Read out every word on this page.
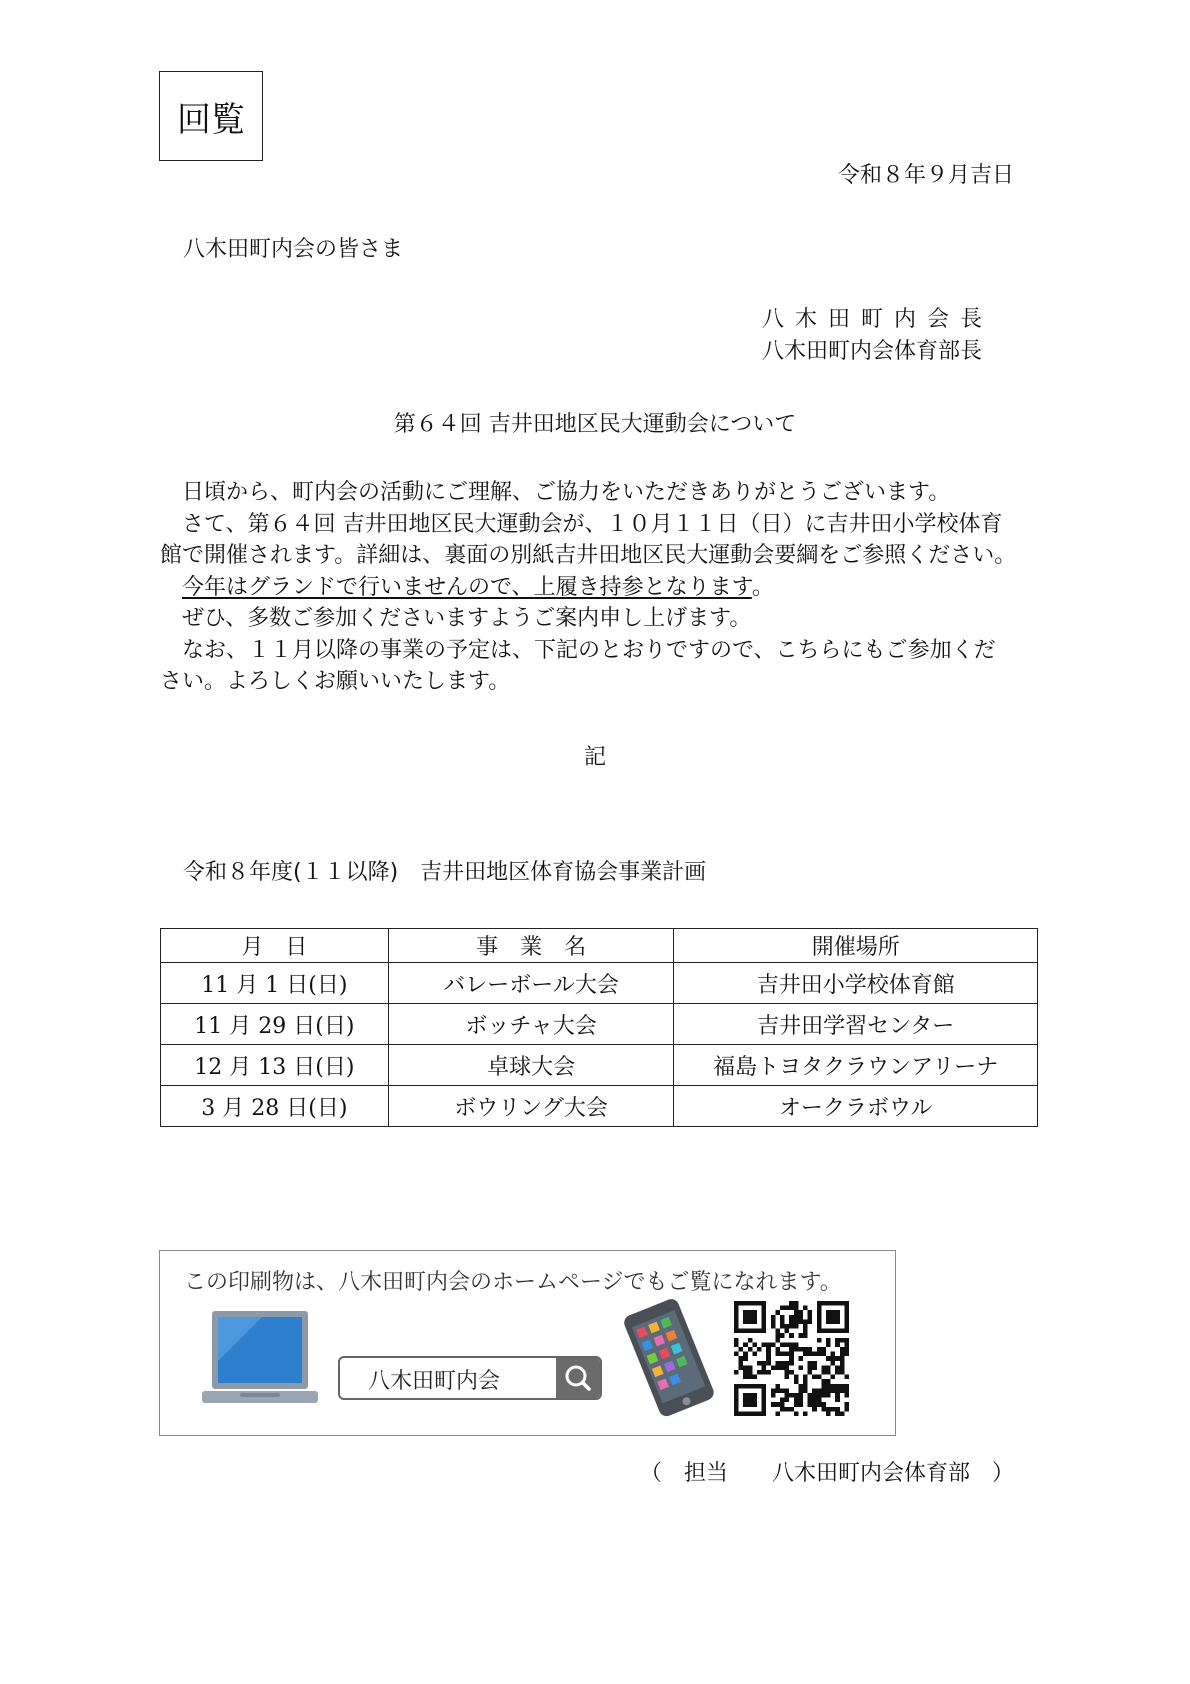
回覧
令和８年９月吉日
八木田町内会の皆さま
八木田町内会長
八木田町内会体育部長
第６４回 吉井田地区民大運動会について

日頃から、町内会の活動にご理解、ご協力をいただきありがとうございます。

さて、第６４回 吉井田地区民大運動会が、１０月１１日（日）に吉井田小学校体育

館で開催されます。詳細は、裏面の別紙吉井田地区民大運動会要綱をご参照ください。

今年はグランドで行いませんので、上履き持参となります。

ぜひ、多数ご参加くださいますようご案内申し上げます。

なお、１１月以降の事業の予定は、下記のとおりですので、こちらにもご参加くだ

さい。よろしくお願いいたします。

記
令和８年度(１１以降)　吉井田地区体育協会事業計画
月　日	事　業　名	開催場所
11 月 1 日(日)	バレーボール大会	吉井田小学校体育館
11 月 29 日(日)	ボッチャ大会	吉井田学習センター
12 月 13 日(日)	卓球大会	福島トヨタクラウンアリーナ
3 月 28 日(日)	ボウリング大会	オークラボウル
この印刷物は、八木田町内会のホームページでもご覧になれます。
八木田町内会
（　担当　　八木田町内会体育部　）
